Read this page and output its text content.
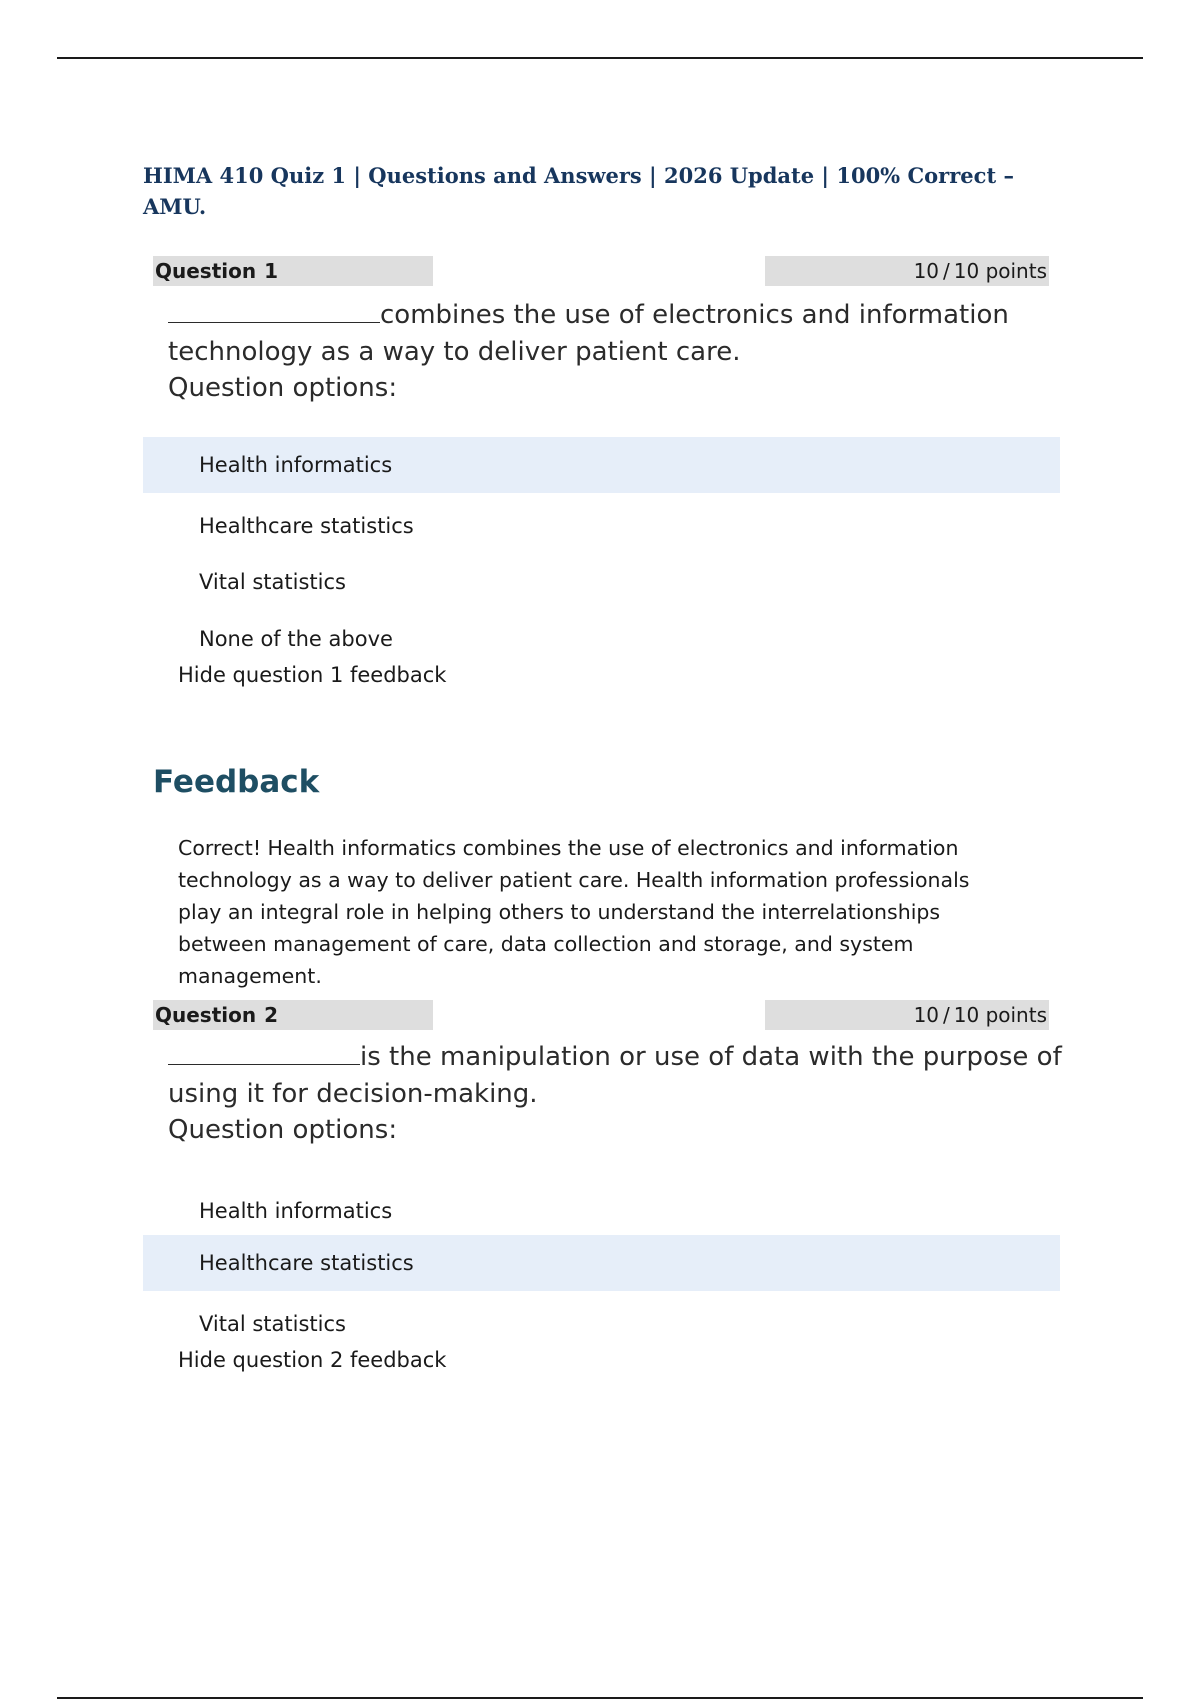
HIMA 410 Quiz 1 | Questions and Answers | 2026 Update | 100% Correct – AMU.
Question 1	10 / 10 points

combines the use of electronics and information technology as a way to deliver patient care.

Question options:
Health informatics
Healthcare statistics
Vital statistics
None of the above
Hide question 1 feedback
Feedback

Correct! Health informatics combines the use of electronics and information technology as a way to deliver patient care. Health information professionals play an integral role in helping others to understand the interrelationships between management of care, data collection and storage, and system management.

Question 2	10 / 10 points

is the manipulation or use of data with the purpose of using it for decision-making.

Question options:
Health informatics
Healthcare statistics
Vital statistics
Hide question 2 feedback
